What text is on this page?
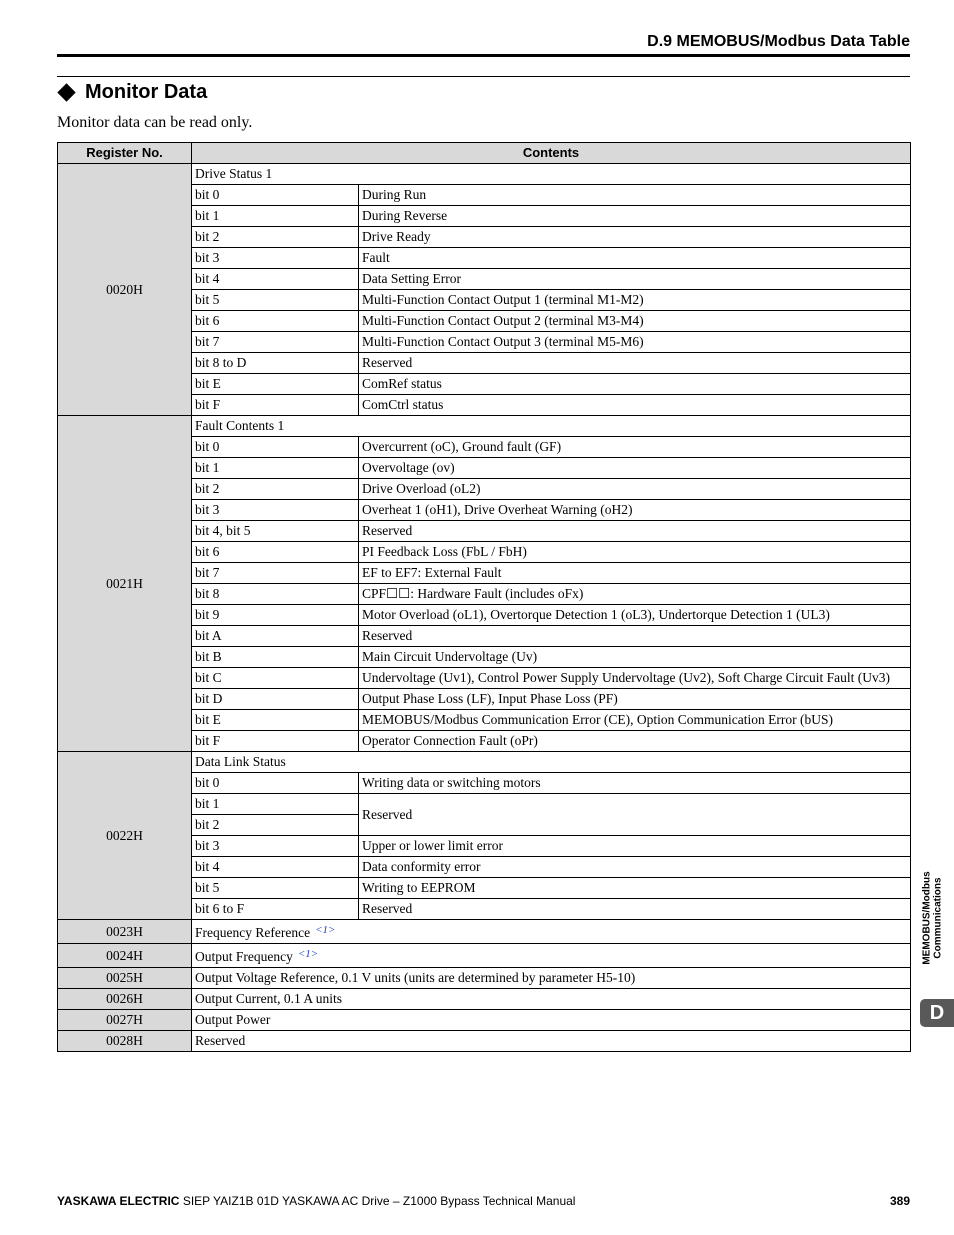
D.9 MEMOBUS/Modbus Data Table
Monitor Data
Monitor data can be read only.
Register No.	Contents	
0020H	Drive Status 1	
	bit 0	During Run
	bit 1	During Reverse
	bit 2	Drive Ready
	bit 3	Fault
	bit 4	Data Setting Error
	bit 5	Multi-Function Contact Output 1 (terminal M1-M2)
	bit 6	Multi-Function Contact Output 2 (terminal M3-M4)
	bit 7	Multi-Function Contact Output 3 (terminal M5-M6)
	bit 8 to D	Reserved
	bit E	ComRef status
	bit F	ComCtrl status
0021H	Fault Contents 1	
	bit 0	Overcurrent (oC), Ground fault (GF)
	bit 1	Overvoltage (ov)
	bit 2	Drive Overload (oL2)
	bit 3	Overheat 1 (oH1), Drive Overheat Warning (oH2)
	bit 4, bit 5	Reserved
	bit 6	PI Feedback Loss (FbL / FbH)
	bit 7	EF to EF7: External Fault
	bit 8	CPF☐☐: Hardware Fault (includes oFx)
	bit 9	Motor Overload (oL1), Overtorque Detection 1 (oL3), Undertorque Detection 1 (UL3)
	bit A	Reserved
	bit B	Main Circuit Undervoltage (Uv)
	bit C	Undervoltage (Uv1), Control Power Supply Undervoltage (Uv2), Soft Charge Circuit Fault (Uv3)
	bit D	Output Phase Loss (LF), Input Phase Loss (PF)
	bit E	MEMOBUS/Modbus Communication Error (CE), Option Communication Error (bUS)
	bit F	Operator Connection Fault (oPr)
0022H	Data Link Status	
	bit 0	Writing data or switching motors
	bit 1	Reserved
	bit 2	
	bit 3	Upper or lower limit error
	bit 4	Data conformity error
	bit 5	Writing to EEPROM
	bit 6 to F	Reserved
0023H	Frequency Reference $^{<1>}$
0024H	Output Frequency $^{<1>}$
0025H	Output Voltage Reference, 0.1 V units (units are determined by parameter H5-10)	
0026H	Output Current, 0.1 A units	
0027H	Output Power	
0028H	Reserved	
MEMOBUS/Modbus Communications
D
YASKAWA ELECTRIC SIEP YAIZ1B 01D YASKAWA AC Drive – Z1000 Bypass Technical Manual	389
